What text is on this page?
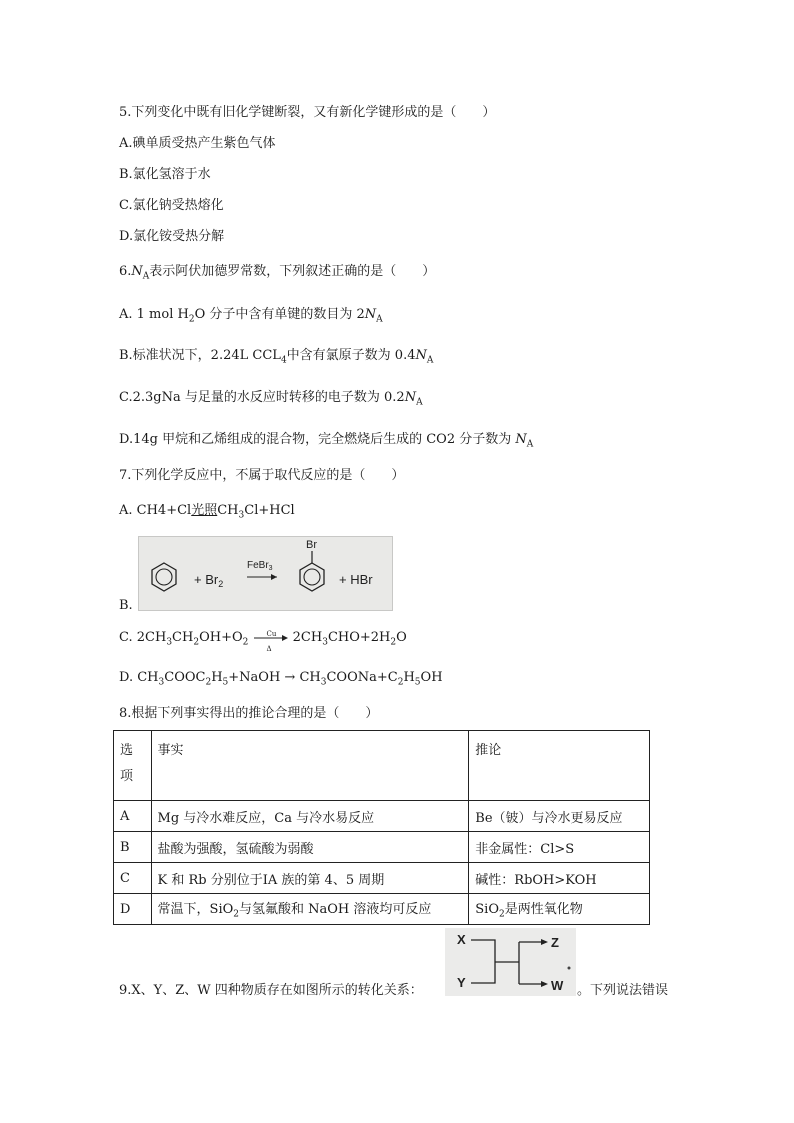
5.下列变化中既有旧化学键断裂，又有新化学键形成的是（　　）
A.碘单质受热产生紫色气体
B.氯化氢溶于水
C.氯化钠受热熔化
D.氯化铵受热分解
$6.N_A$表示阿伏加德罗常数，下列叙述正确的是（　　）
A. 1 mol $H_2O$ 分子中含有单键的数目为 $2N_A$
B.标准状况下，2.24L $CCL_4$中含有氯原子数为 $0.4N_A$
C.2.3gNa 与足量的水反应时转移的电子数为 $0.2N_A$
D.14g 甲烷和乙烯组成的混合物，完全燃烧后生成的 CO2 分子数为 $N_A$
7.下列化学反应中，不属于取代反应的是（　　）
A. CH4+Cl光照$CH_3Cl+HCl$
B.
+ $Br_2$
FeBr$_3$
Br
+ HBr
C. $2CH_3CH_2OH+O_2$
Cu
Δ
$2CH_3CHO+2H_2O$
D. $CH_3COOC_2H_5+NaOH$ → $CH_3COONa+C_2H_5OH$
8.根据下列事实得出的推论合理的是（　　）
选
项	事实	推论
A	Mg 与冷水难反应，Ca 与冷水易反应	Be（铍）与冷水更易反应
B	盐酸为强酸，氢硫酸为弱酸	非金属性：Cl>S
C	K 和 Rb 分别位于ⅠA 族的第 4、5 周期	碱性：RbOH>KOH
D	常温下，SiO$_2$与氢氟酸和 NaOH 溶液均可反应	SiO$_2$是两性氧化物
X
Y
Z
W
9.X、Y、Z、W 四种物质存在如图所示的转化关系：	。下列说法错误
